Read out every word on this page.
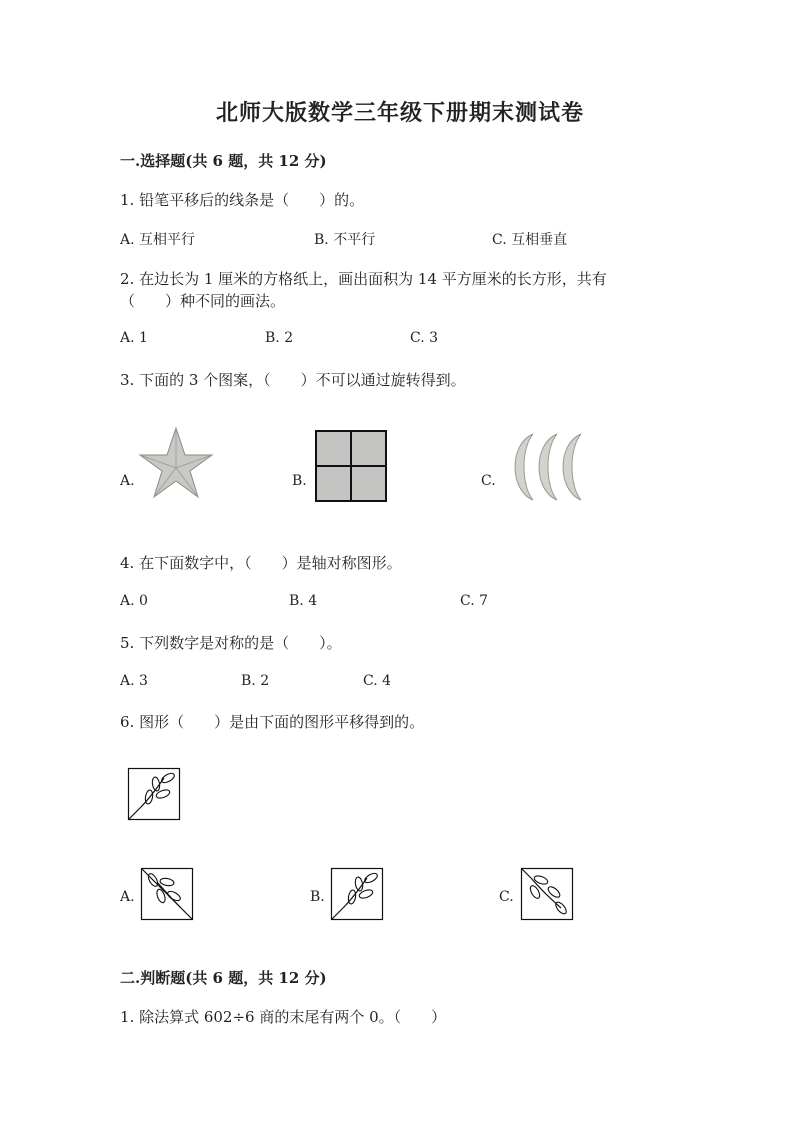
北师大版数学三年级下册期末测试卷
一.选择题(共 6 题，共 12 分)
1. 铅笔平移后的线条是（　　）的。
A. 互相平行	B. 不平行	C. 互相垂直
2. 在边长为 1 厘米的方格纸上，画出面积为 14 平方厘米的长方形，共有
（　　）种不同的画法。
A. 1	B. 2	C. 3
3. 下面的 3 个图案，（　　）不可以通过旋转得到。
A.	B.	C.
4. 在下面数字中，（　　）是轴对称图形。
A. 0	B. 4	C. 7
5. 下列数字是对称的是（　　）。
A. 3	B. 2	C. 4
6. 图形（　　）是由下面的图形平移得到的。
A.	B.	C.
二.判断题(共 6 题，共 12 分)
1. 除法算式 602÷6 商的末尾有两个 0。（　　）
